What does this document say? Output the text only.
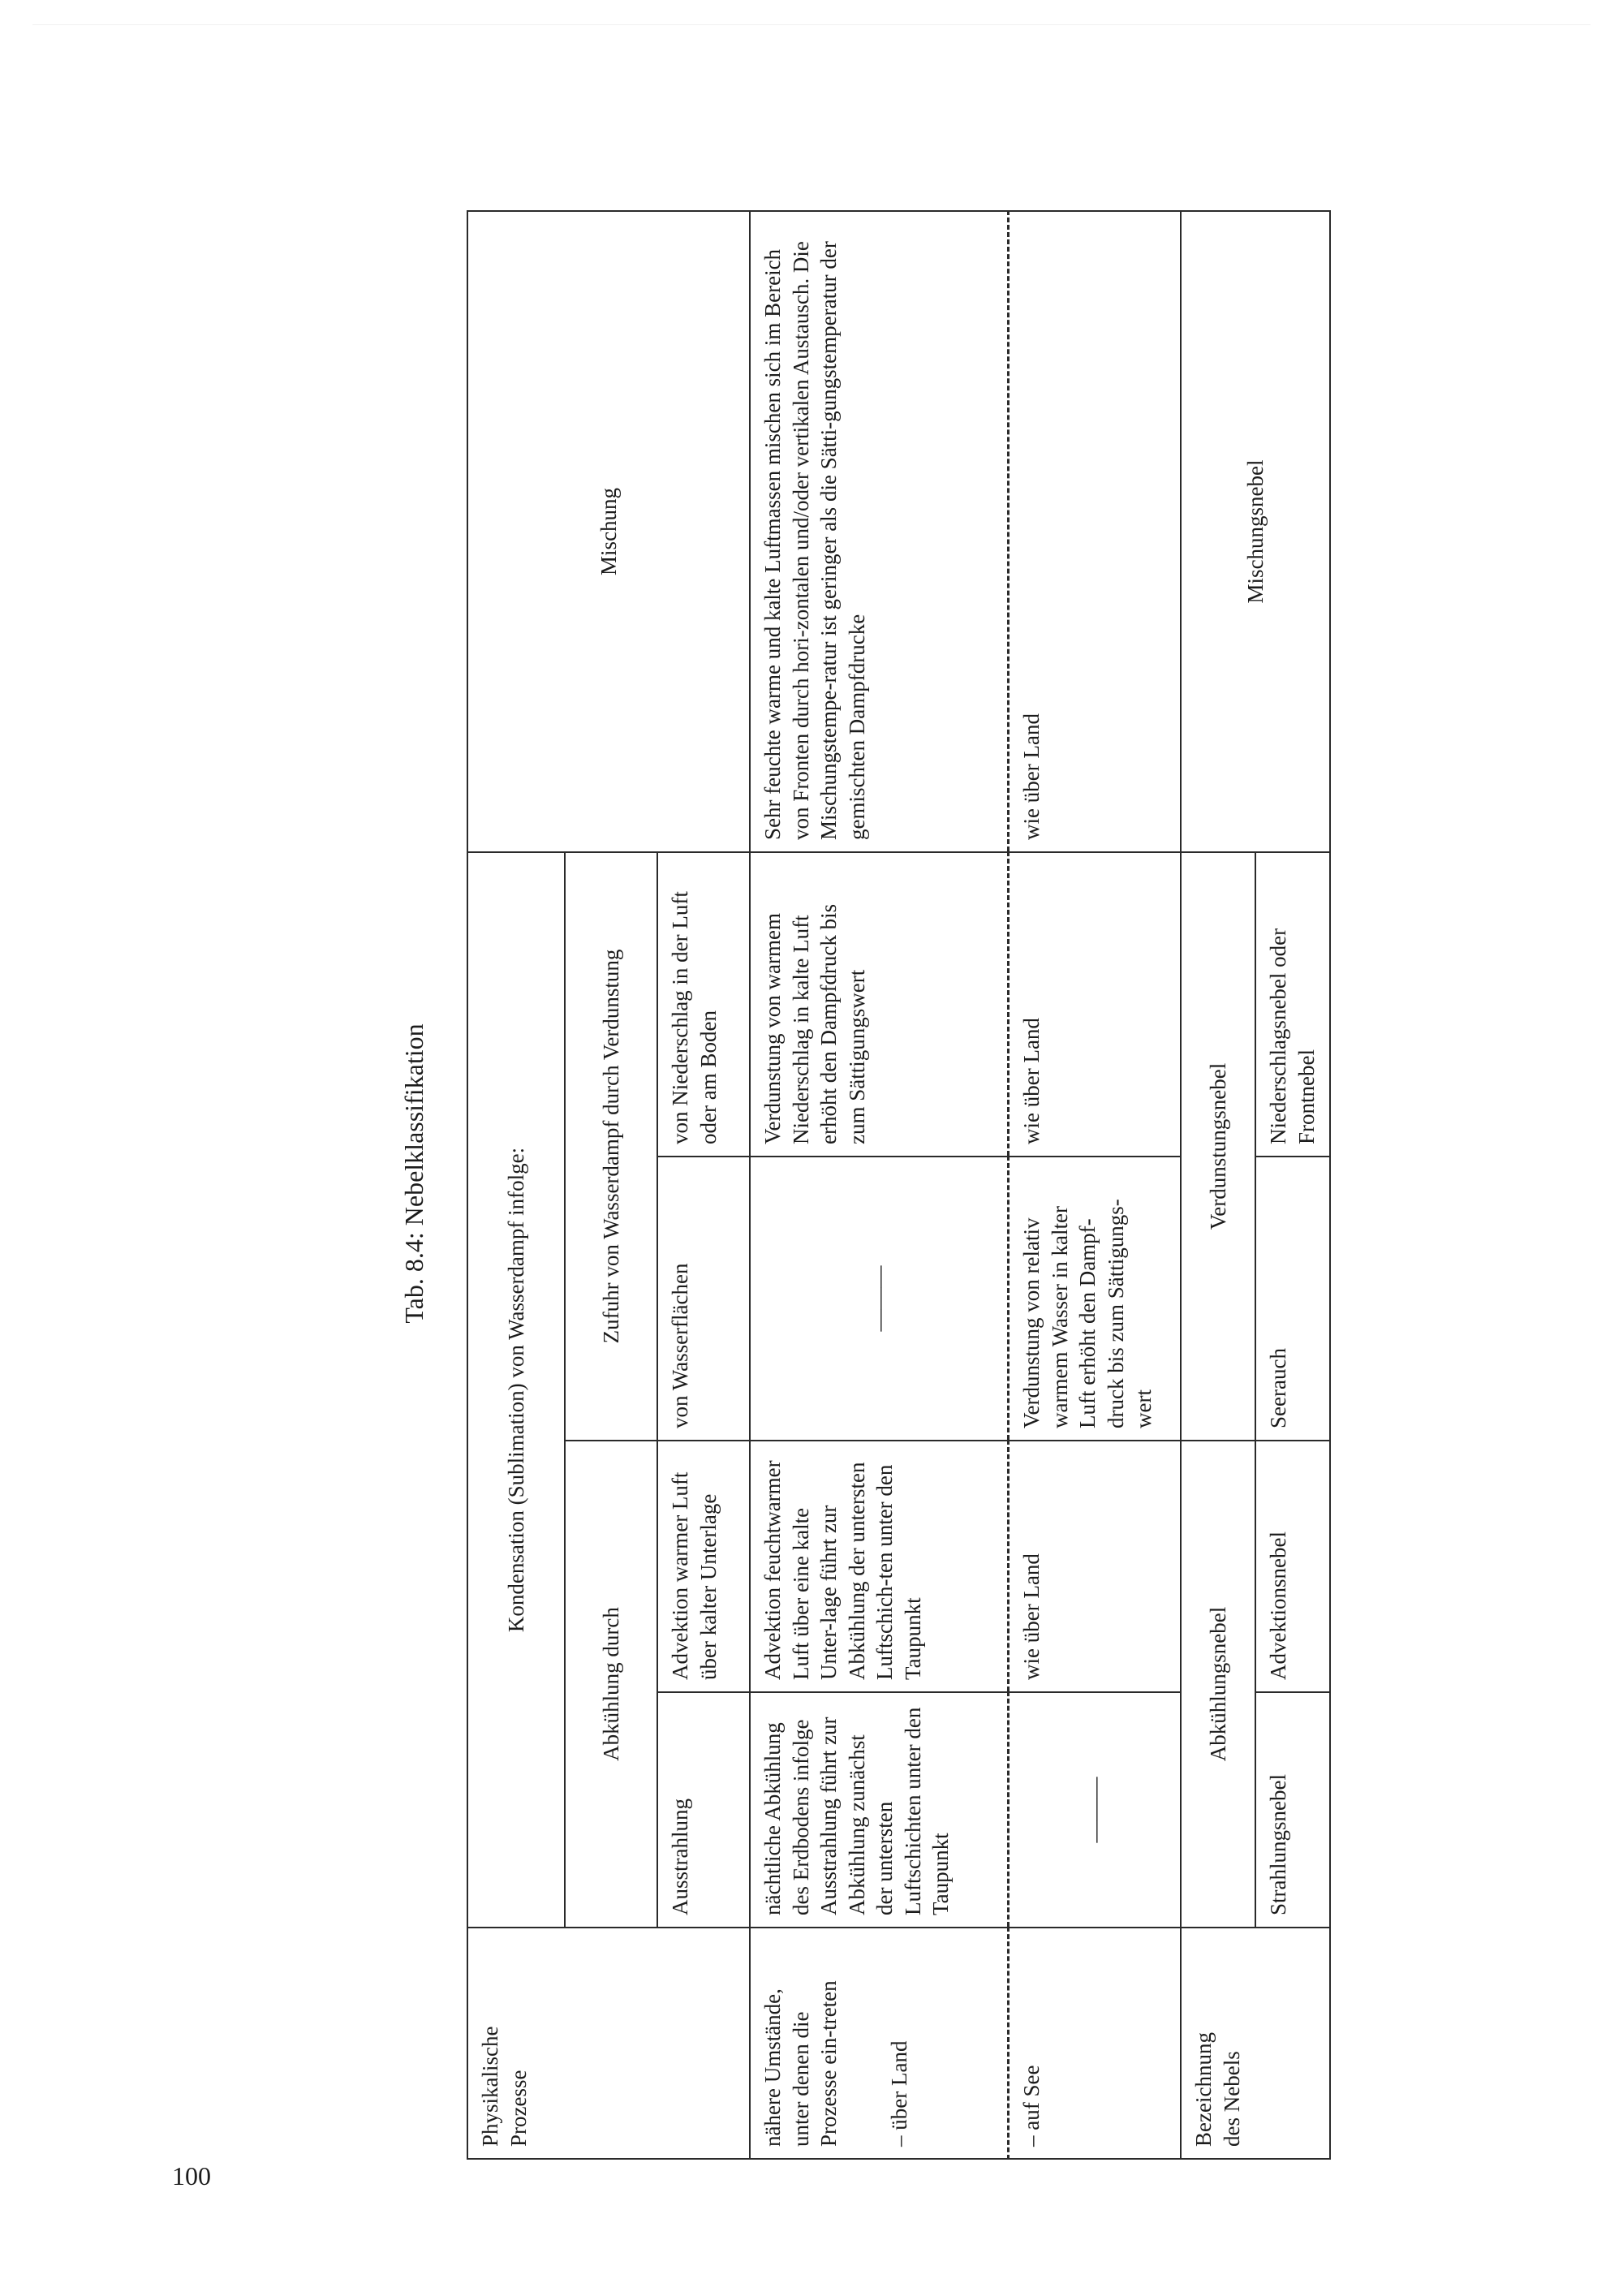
100
Tab. 8.4: Nebelklassifikation
Physikalische Prozesse	Kondensation (Sublimation) von Wasserdampf infolge:				Mischung
	Abkühlung durch		Zufuhr von Wasserdampf durch Verdunstung		
	Ausstrahlung	Advektion warmer Luft über kalter Unterlage	von Wasserflächen	von Niederschlag in der Luft oder am Boden	

nähere Umstände, unter denen die Prozesse ein-treten – über Land	nächtliche Abkühlung des Erdbodens infolge Ausstrahlung führt zur Abkühlung zunächst der untersten Luftschichten unter den Taupunkt	Advektion feuchtwarmer Luft über eine kalte Unter-lage führt zur Abkühlung der untersten Luftschich-ten unter den Taupunkt	———	Verdunstung von warmem Niederschlag in kalte Luft erhöht den Dampfdruck bis zum Sättigungswert	Sehr feuchte warme und kalte Luftmassen mischen sich im Bereich von Fronten durch hori-zontalen und/oder vertikalen Austausch. Die Mischungstempe-ratur ist geringer als die Sätti-gungstemperatur der gemischten Dampfdrucke
– auf See	———	wie über Land	Verdunstung von relativ warmem Wasser in kalter Luft erhöht den Dampf-druck bis zum Sättigungs-wert	wie über Land	wie über Land

Bezeichnung des Nebels	Abkühlungsnebel		Verdunstungsnebel		Mischungsnebel
	Strahlungsnebel	Advektionsnebel	Seerauch	Niederschlagsnebel oder Frontnebel	
